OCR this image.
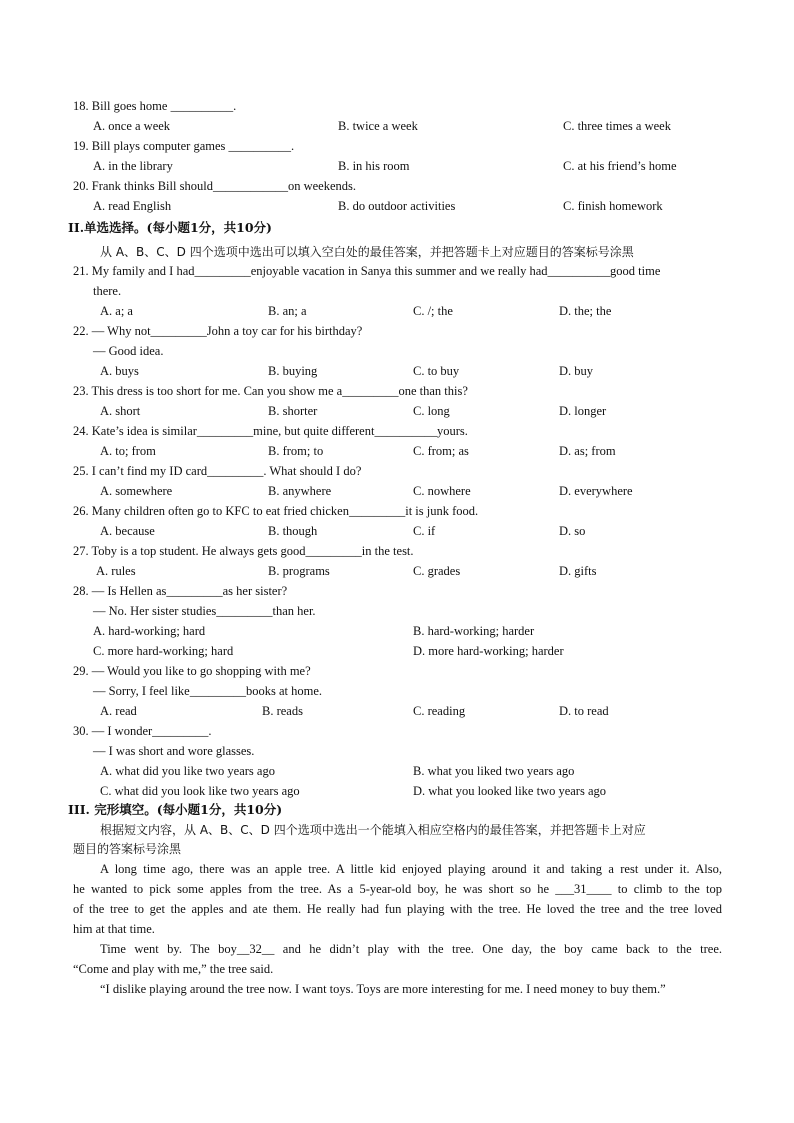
18. Bill goes home __________.
A. once a week	B. twice a week	C. three times a week
19. Bill plays computer games __________.
A. in the library	B. in his room	C. at his friend’s home
20. Frank thinks Bill should____________on weekends.
A. read English	B. do outdoor activities	C. finish homework
II.单选选择。(每小题1分，共10分)
从 A、B、C、D 四个选项中选出可以填入空白处的最佳答案，并把答题卡上对应题目的答案标号涂黑
21. My family and I had_________enjoyable vacation in Sanya this summer and we really had__________good time
there.
A. a; a	B. an; a	C. /; the	D. the; the
22. — Why not_________John a toy car for his birthday?
— Good idea.
A. buys	B. buying	C. to buy	D. buy
23. This dress is too short for me. Can you show me a_________one than this?
A. short	B. shorter	C. long	D. longer
24. Kate’s idea is similar_________mine, but quite different__________yours.
A. to; from	B. from; to	C. from; as	D. as; from
25. I can’t find my ID card_________. What should I do?
A. somewhere	B. anywhere	C. nowhere	D. everywhere
26. Many children often go to KFC to eat fried chicken_________it is junk food.
A. because	B. though	C. if	D. so
27. Toby is a top student. He always gets good_________in the test.
A. rules	B. programs	C. grades	D. gifts
28. — Is Hellen as_________as her sister?
— No. Her sister studies_________than her.
A. hard-working; hard	B. hard-working; harder
C. more hard-working; hard	D. more hard-working; harder
29. — Would you like to go shopping with me?
— Sorry, I feel like_________books at home.
A. read	B. reads	C. reading	D. to read
30. — I wonder_________.
— I was short and wore glasses.
A. what did you like two years ago	B. what you liked two years ago
C. what did you look like two years ago	D. what you looked like two years ago
III. 完形填空。(每小题1分，共10分)
根据短文内容，从 A、B、C、D 四个选项中选出一个能填入相应空格内的最佳答案，并把答题卡上对应
题目的答案标号涂黑
A long time ago, there was an apple tree. A little kid enjoyed playing around it and taking a rest under it. Also,
he wanted to pick some apples from the tree. As a 5-year-old boy, he was short so he ___31____ to climb to the top
of the tree to get the apples and ate them. He really had fun playing with the tree. He loved the tree and the tree loved
him at that time.
Time went by. The boy__32__ and he didn’t play with the tree. One day, the boy came back to the tree.
“Come and play with me,” the tree said.
“I dislike playing around the tree now. I want toys. Toys are more interesting for me. I need money to buy them.”
